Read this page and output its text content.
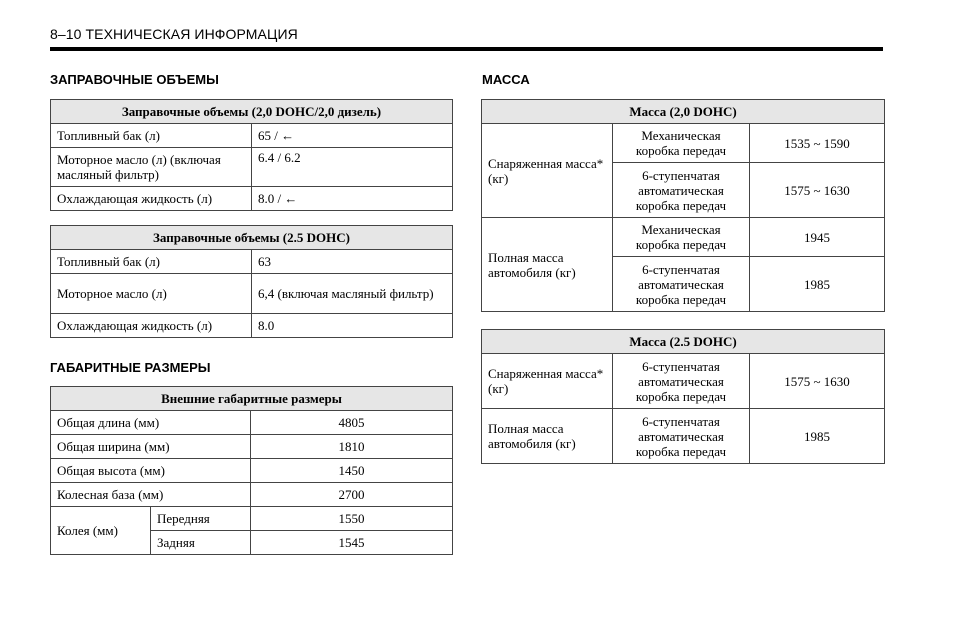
8–10 ТЕХНИЧЕСКАЯ ИНФОРМАЦИЯ
ЗАПРАВОЧНЫЕ ОБЪЕМЫ
Заправочные объемы (2,0 DOHC/2,0 дизель)	
Топливный бак (л)	65 / ←
Моторное масло (л) (включая масляный фильтр)	6.4 / 6.2
Охлаждающая жидкость (л)	8.0 / ←
Заправочные объемы (2.5 DOHC)	
Топливный бак (л)	63
Моторное масло (л)	6,4 (включая масляный фильтр)
Охлаждающая жидкость (л)	8.0
ГАБАРИТНЫЕ РАЗМЕРЫ
Внешние габаритные размеры		
Общая длина (мм)		4805
Общая ширина (мм)		1810
Общая высота (мм)		1450
Колесная база (мм)		2700
Колея (мм)	Передняя	1550
	Задняя	1545
МАССА
Масса (2,0 DOHC)		
Снаряженная масса* (кг)	Механическая коробка передач	1535 ~ 1590
	6-ступенчатая автоматическая коробка передач	1575 ~ 1630
Полная масса автомобиля (кг)	Механическая коробка передач	1945
	6-ступенчатая автоматическая коробка передач	1985
Масса (2.5 DOHC)		
Снаряженная масса* (кг)	6-ступенчатая автоматическая коробка передач	1575 ~ 1630
Полная масса автомобиля (кг)	6-ступенчатая автоматическая коробка передач	1985
